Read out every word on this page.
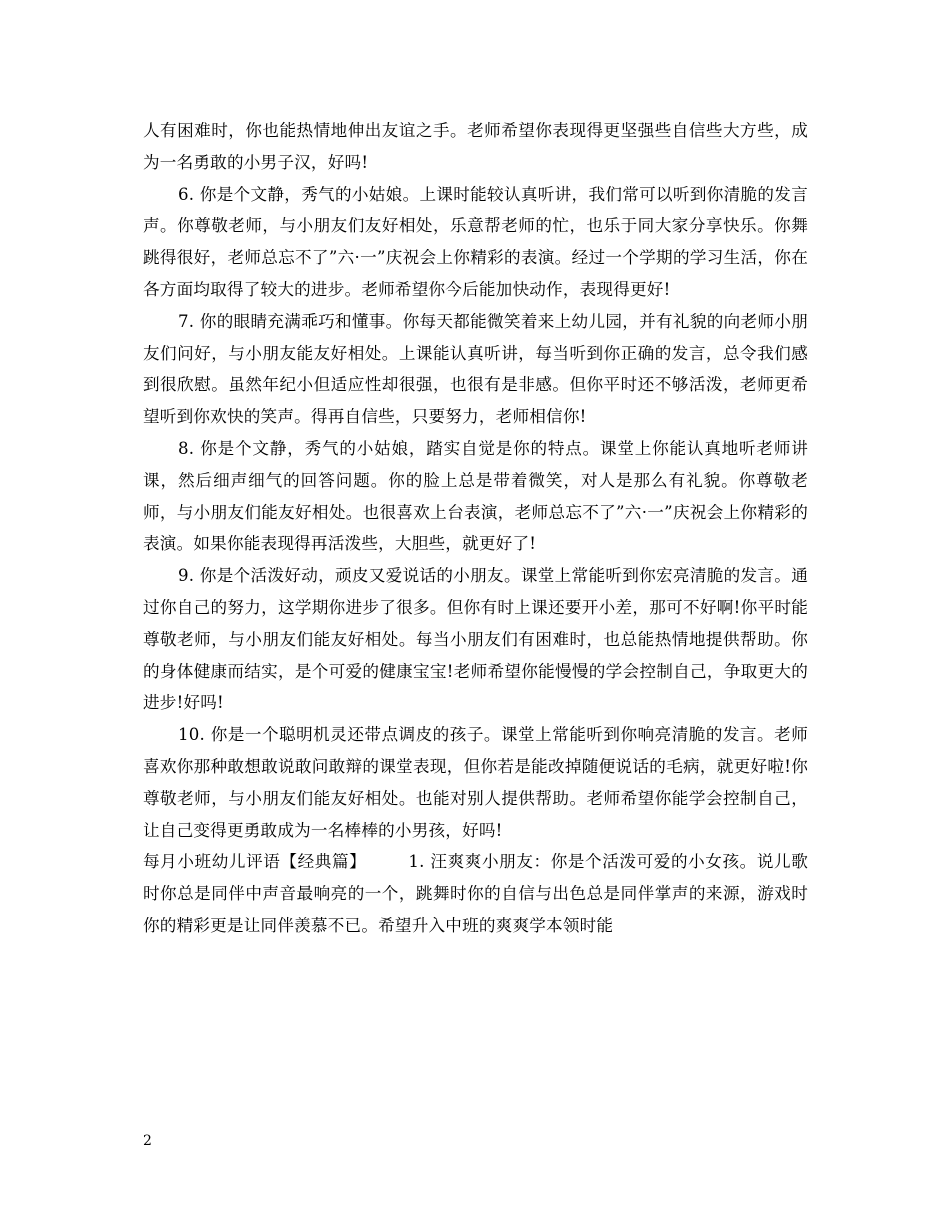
人有困难时，你也能热情地伸出友谊之手。老师希望你表现得更坚强些自信些大方些，成为一名勇敢的小男子汉，好吗!

6. 你是个文静，秀气的小姑娘。上课时能较认真听讲，我们常可以听到你清脆的发言声。你尊敬老师，与小朋友们友好相处，乐意帮老师的忙，也乐于同大家分享快乐。你舞跳得很好，老师总忘不了”六·一”庆祝会上你精彩的表演。经过一个学期的学习生活，你在各方面均取得了较大的进步。老师希望你今后能加快动作，表现得更好!

7. 你的眼睛充满乖巧和懂事。你每天都能微笑着来上幼儿园，并有礼貌的向老师小朋友们问好，与小朋友能友好相处。上课能认真听讲，每当听到你正确的发言，总令我们感到很欣慰。虽然年纪小但适应性却很强，也很有是非感。但你平时还不够活泼，老师更希望听到你欢快的笑声。得再自信些，只要努力，老师相信你!

8. 你是个文静，秀气的小姑娘，踏实自觉是你的特点。课堂上你能认真地听老师讲课，然后细声细气的回答问题。你的脸上总是带着微笑，对人是那么有礼貌。你尊敬老师，与小朋友们能友好相处。也很喜欢上台表演，老师总忘不了”六·一”庆祝会上你精彩的表演。如果你能表现得再活泼些，大胆些，就更好了!

9. 你是个活泼好动，顽皮又爱说话的小朋友。课堂上常能听到你宏亮清脆的发言。通过你自己的努力，这学期你进步了很多。但你有时上课还要开小差，那可不好啊!你平时能尊敬老师，与小朋友们能友好相处。每当小朋友们有困难时，也总能热情地提供帮助。你的身体健康而结实，是个可爱的健康宝宝!老师希望你能慢慢的学会控制自己，争取更大的进步!好吗!

10. 你是一个聪明机灵还带点调皮的孩子。课堂上常能听到你响亮清脆的发言。老师喜欢你那种敢想敢说敢问敢辩的课堂表现，但你若是能改掉随便说话的毛病，就更好啦!你尊敬老师，与小朋友们能友好相处。也能对别人提供帮助。老师希望你能学会控制自己，让自己变得更勇敢成为一名棒棒的小男孩，好吗!

每月小班幼儿评语【经典篇】	1. 汪爽爽小朋友：你是个活泼可爱的小女孩。说儿歌时你总是同伴中声音最响亮的一个，跳舞时你的自信与出色总是同伴掌声的来源，游戏时你的精彩更是让同伴羡慕不已。希望升入中班的爽爽学本领时能

2
